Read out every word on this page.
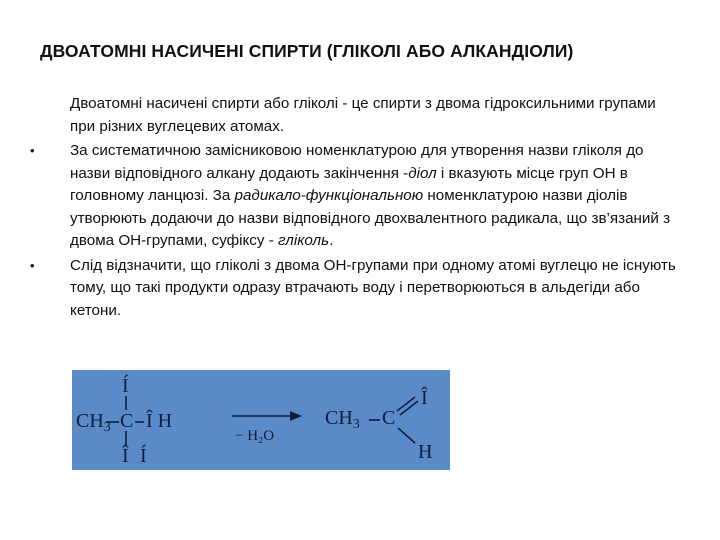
ДВОАТОМНІ НАСИЧЕНІ СПИРТИ (ГЛІКОЛІ АБО АЛКАНДІОЛИ)
Двоатомні насичені спирти або гліколі - це спирти з двома гідроксильними групами при різних вуглецевих атомах.
•	За систематичною замісниковою номенклатурою для утворення назви гліколя до назви відповідного алкану додають закінчення -діол і вказують місце груп ОН в головному ланцюзі. За радикало-функціональною номенклатурою назви діолів утворюють додаючи до назви відповідного двохвалентного радикала, що зв’язаний з двома ОН-групами, суфіксу - гліколь.
•	Слід відзначити, що гліколі з двома ОН-групами при одному атомі вуглецю не існують тому, що такі продукти одразу втрачають воду і перетворюються в альдегіди або кетони.
Í
$CH_3$ C Î Н
Î Í
− Н₂О
$CH_3$ C
Î
H
